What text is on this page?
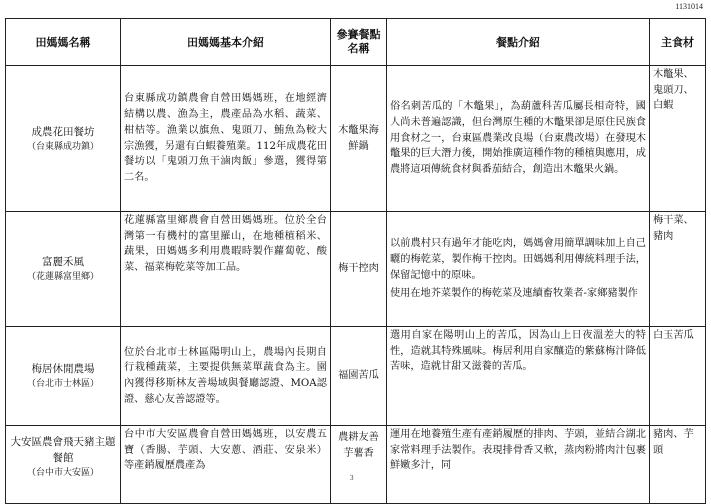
1131014
田媽媽名稱	田媽媽基本介紹	參賽餐點名稱	餐點介紹	主食材

成農花田餐坊
（台東縣成功鎮）	台東縣成功鎮農會自營田媽媽班，在地經濟結構以農、漁為主，農產品為水稻、蔬菜、柑桔等。漁業以旗魚、鬼頭刀、鮪魚為較大宗漁獲，另還有白蝦養殖業。112年成農花田餐坊以「鬼頭刀魚干滷肉飯」參選，獲得第二名。	木鼈果海鮮鍋	俗名刺苦瓜的「木鼈果」，為葫蘆科苦瓜屬長相奇特，國人尚未普遍認識，但台灣原生種的木鼈果卻是原住民族食用食材之一，台東區農業改良場（台東農改場）在發現木鼈果的巨大潛力後，開始推廣這種作物的種植與應用，成農將這項傳統食材與番茄結合，創造出木鼈果火鍋。	木鼈果、鬼頭刀、白蝦

富麗禾風
（花蓮縣富里鄉）	花蓮縣富里鄉農會自營田媽媽班。位於全台灣第一有機村的富里羅山，在地種植稻米、蔬果，田媽媽多利用農暇時製作蘿蔔乾、酸菜、福菜梅乾菜等加工品。	梅干控肉	以前農村只有過年才能吃肉，媽媽會用簡單調味加上自己曬的梅乾菜，製作梅干控肉。田媽媽利用傳統料理手法，保留記憶中的原味。
使用在地芥菜製作的梅乾菜及連續畜牧業者-家鄉豬製作	梅干菜、豬肉

梅居休閒農場
（台北市士林區）	位於台北市士林區陽明山上，農場內長期自行栽種蔬菜，主要提供無菜單蔬食為主。園內獲得移斯林友善場域與餐廳認證、MOA認證、慈心友善認證等。	福園苦瓜	選用自家在陽明山上的苦瓜，因為山上日夜溫差大的特性，造就其特殊風味。梅居利用自家釀造的紫蘇梅汁降低苦味，造就甘甜又滋養的苦瓜。	白玉苦瓜

大安區農會飛天豬主題餐館
（台中市大安區）	台中市大安區農會自營田媽媽班，以安農五寶（香腸、芋頭、大安蔥、酒莊、安泉米）等產銷履歷農產為	農耕友善芋薯香	運用在地養殖生產有產銷履歷的排肉、芋頭，並結合湖北家常料理手法製作。表現排骨香又軟，蒸肉粉將肉汁包裹鮮嫩多汁，同	豬肉、芋頭
3
